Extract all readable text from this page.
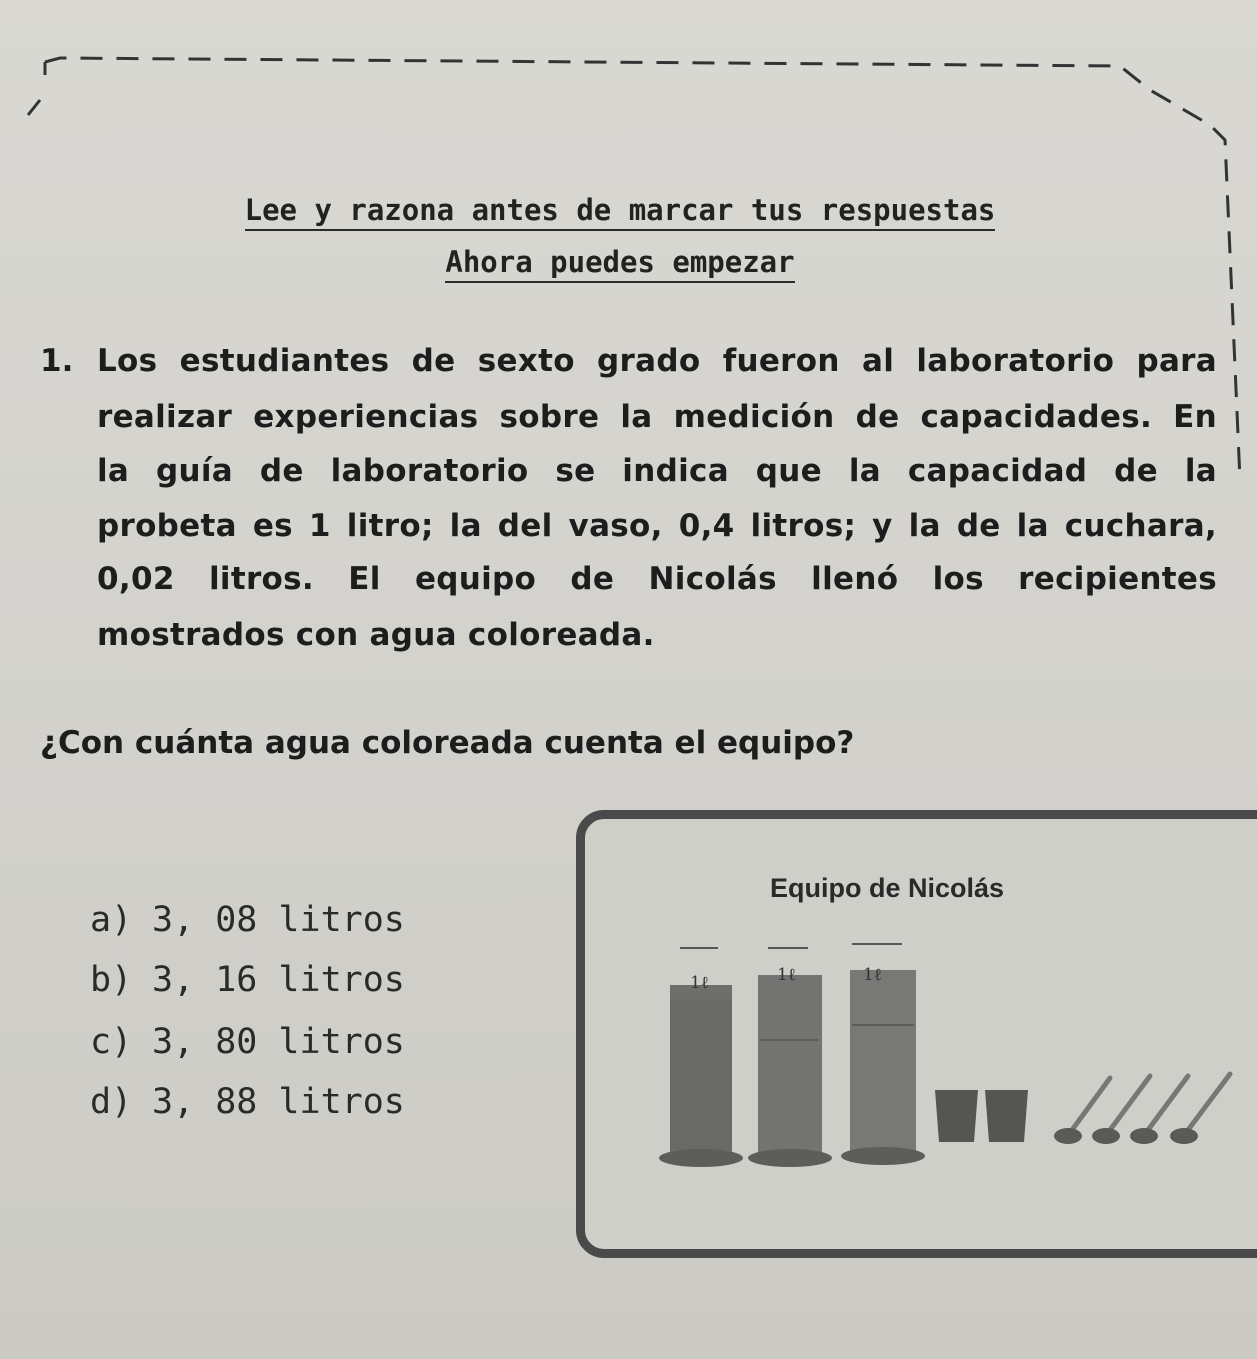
Lee y razona antes de marcar tus respuestas
Ahora puedes empezar
1. Los estudiantes de sexto grado fueron al laboratorio para
realizar experiencias sobre la medición de capacidades. En
la guía de laboratorio se indica que la capacidad de la
probeta es 1 litro; la del vaso, 0,4 litros; y la de la cuchara,
0,02 litros. El equipo de Nicolás llenó los recipientes
mostrados con agua coloreada.
¿Con cuánta agua coloreada cuenta el equipo?
a) 3, 08 litros
b) 3, 16 litros
c) 3, 80 litros
d) 3, 88 litros
Equipo de Nicolás
1ℓ	1ℓ	1ℓ
